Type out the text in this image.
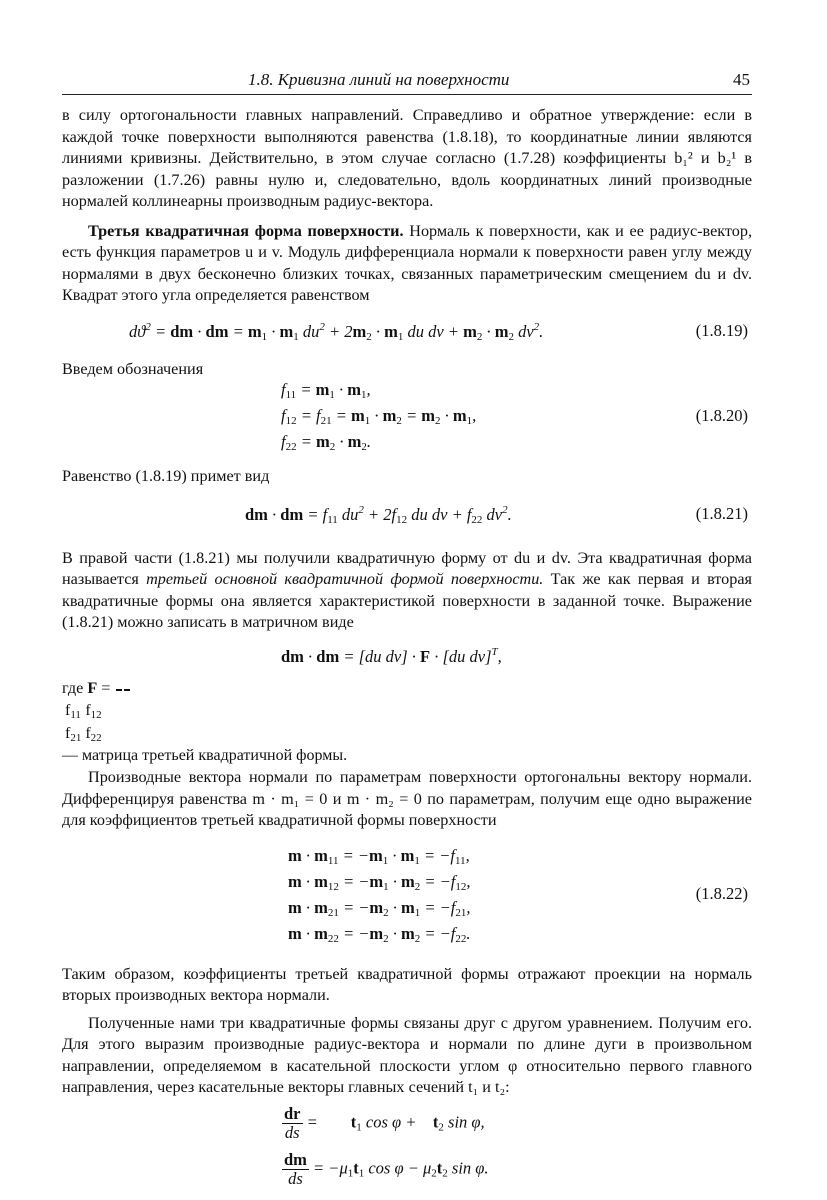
1.8. Кривизна линий на поверхности	45

в силу ортогональности главных направлений. Справедливо и обратное утверждение: если в каждой точке поверхности выполняются равенства (1.8.18), то координатные линии являются линиями кривизны. Действительно, в этом случае согласно (1.7.28) коэффициенты b₁² и b₂¹ в разложении (1.7.26) равны нулю и, следовательно, вдоль координатных линий производные нормалей коллинеарны производным радиус-вектора.

Третья квадратичная форма поверхности. Нормаль к поверхности, как и ее радиус-вектор, есть функция параметров u и v. Модуль дифференциала нормали к поверхности равен углу между нормалями в двух бесконечно близких точках, связанных параметрическим смещением du и dv. Квадрат этого угла определяется равенством

$dϑ^2$ = dm · dm = $m_1 \cdot m_1$ $du^2 + 2m_2 \cdot m_1$ du dv + $m_2 \cdot m_2$ $dv^2$.	(1.8.19)

Введем обозначения

$f_{11} = m_1 \cdot m_1$,
$f_{12} = f_{21} = m_1 \cdot m_2 = m_2 \cdot m_1$,
$f_{22} = m_2 \cdot m_2$.
(1.8.20)

Равенство (1.8.19) примет вид

dm · dm = $f_{11}$ $du^2 + 2f_{12}$ du dv + $f_{22}$ $dv^2$.	(1.8.21)

В правой части (1.8.21) мы получили квадратичную форму от du и dv. Эта квадратичная форма называется третьей основной квадратичной формой поверхности. Так же как первая и вторая квадратичные формы она является характеристикой поверхности в заданной точке. Выражение (1.8.21) можно записать в матричном виде

dm · dm = [du dv] · F · [du dv]$^T$,

где F =

$f_{11}$	$f_{12}$
$f_{21}$	$f_{22}$
— матрица третьей квадратичной формы.

Производные вектора нормали по параметрам поверхности ортогональны вектору нормали. Дифференцируя равенства m · m₁ = 0 и m · m₂ = 0 по параметрам, получим еще одно выражение для коэффициентов третьей квадратичной формы поверхности

$m \cdot m_{11} = -m_1 \cdot m_1 = -f_{11}$,
$m \cdot m_{12} = -m_1 \cdot m_2 = -f_{12}$,
$m \cdot m_{21} = -m_2 \cdot m_1 = -f_{21}$,
$m \cdot m_{22} = -m_2 \cdot m_2 = -f_{22}$.
(1.8.22)

Таким образом, коэффициенты третьей квадратичной формы отражают проекции на нормаль вторых производных вектора нормали.

Полученные нами три квадратичные формы связаны друг с другом уравнением. Получим его. Для этого выразим производные радиус-вектора и нормали по длине дуги в произвольном направлении, определяемом в касательной плоскости углом φ относительно первого главного направления, через касательные векторы главных сечений t₁ и t₂:

$\frac{dr}{ds}$ =        $t_1$ cos φ +    $t_2$ sin φ,
$\frac{dm}{ds} = -\mu_1t_1$ $\cos \varphi - \mu_2t_2$ sin φ.
